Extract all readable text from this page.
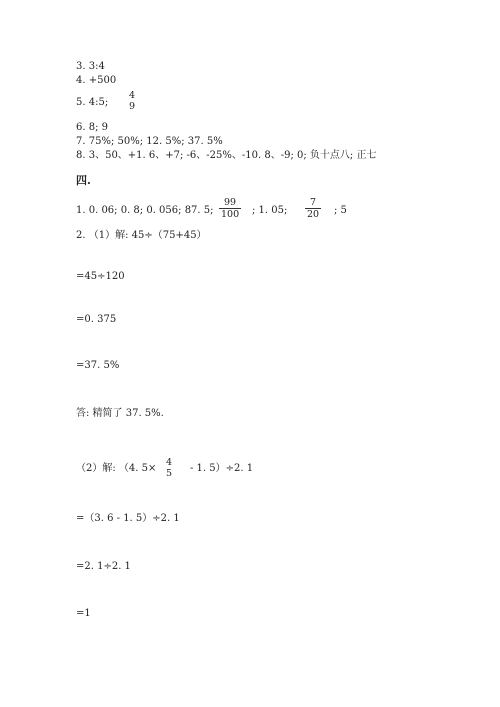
3. 3:4
4. +500
5. 4:5;
4
9
6. 8; 9
7. 75%; 50%; 12. 5%; 37. 5%
8. 3、50、+1. 6、+7; -6、-25%、-10. 8、-9; 0; 负十点八; 正七
四.
1. 0. 06; 0. 8; 0. 056; 87. 5; $\frac{99}{100}$ ; 1. 05; $\frac{7}{20}$ ; 5
2. （1）解: 45÷（75+45）
=45÷120
=0. 375
=37. 5%
答: 精简了 37. 5%.
（2）解: （4. 5×
4
5	- 1. 5）÷2. 1
=（3. 6 - 1. 5）÷2. 1
=2. 1÷2. 1
=1
